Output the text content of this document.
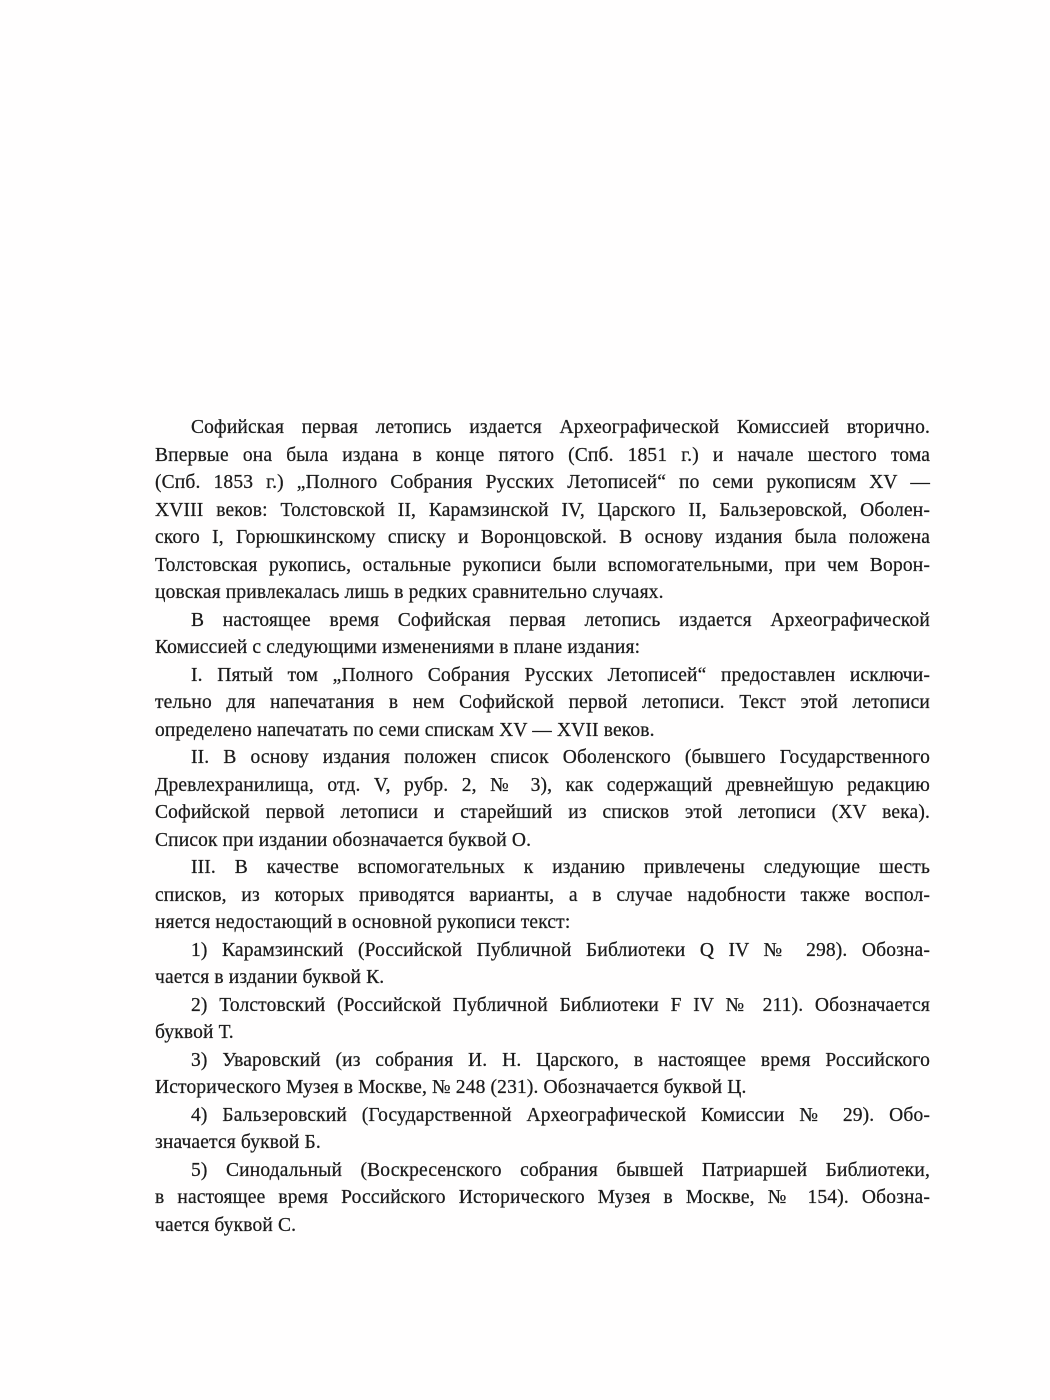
Софийская первая летопись издается Археографической Комиссией вторично.
Впервые она была издана в конце пятого (Спб. 1851 г.) и начале шестого тома
(Спб. 1853 г.) „Полного Собрания Русских Летописей“ по семи рукописям XV —
XVIII веков: Толстовской II, Карамзинской IV, Царского II, Бальзеровской, Оболен-
ского I, Горюшкинскому списку и Воронцовской. В основу издания была положена
Толстовская рукопись, остальные рукописи были вспомогательными, при чем Ворон-
цовская привлекалась лишь в редких сравнительно случаях.
В настоящее время Софийская первая летопись издается Археографической
Комиссией с следующими изменениями в плане издания:
I. Пятый том „Полного Собрания Русских Летописей“ предоставлен исключи-
тельно для напечатания в нем Софийской первой летописи. Текст этой летописи
определено напечатать по семи спискам XV — XVII веков.
II. В основу издания положен список Оболенского (бывшего Государственного
Древлехранилища, отд. V, рубр. 2, № 3), как содержащий древнейшую редакцию
Софийской первой летописи и старейший из списков этой летописи (XV века).
Список при издании обозначается буквой О.
III. В качестве вспомогательных к изданию привлечены следующие шесть
списков, из которых приводятся варианты, а в случае надобности также воспол-
няется недостающий в основной рукописи текст:
1) Карамзинский (Российской Публичной Библиотеки Q IV № 298). Обозна-
чается в издании буквой К.
2) Толстовский (Российской Публичной Библиотеки F IV № 211). Обозначается
буквой Т.
3) Уваровский (из собрания И. Н. Царского, в настоящее время Российского
Исторического Музея в Москве, № 248 (231). Обозначается буквой Ц.
4) Бальзеровский (Государственной Археографической Комиссии № 29). Обо-
значается буквой Б.
5) Синодальный (Воскресенского собрания бывшей Патриаршей Библиотеки,
в настоящее время Российского Исторического Музея в Москве, № 154). Обозна-
чается буквой С.
